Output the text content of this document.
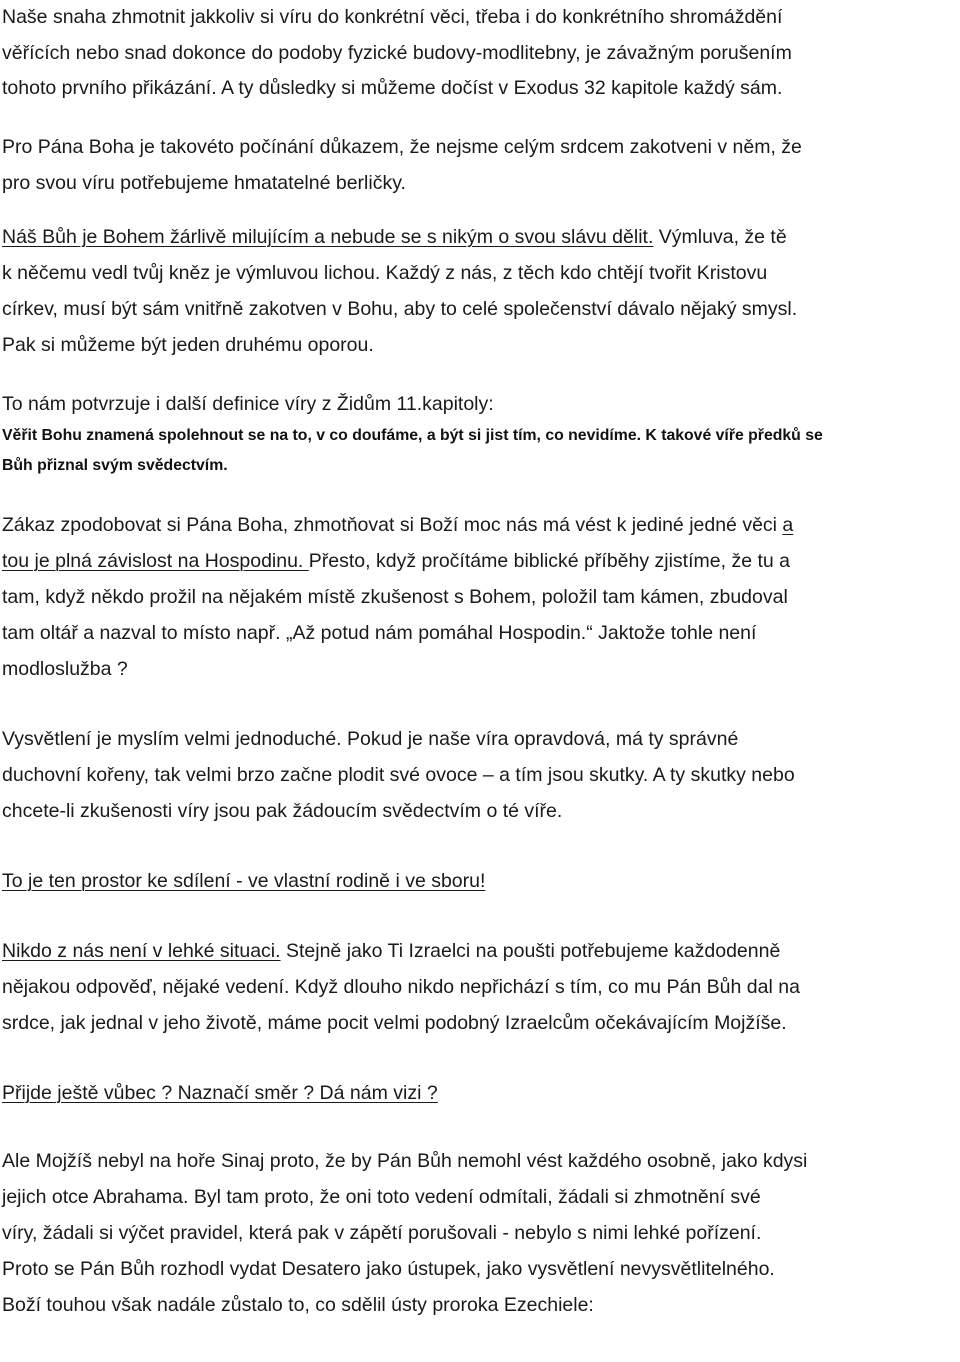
Naše snaha zhmotnit jakkoliv si víru do konkrétní věci, třeba i do konkrétního shromáždění
věřících nebo snad dokonce do podoby fyzické budovy-modlitebny, je závažným porušením
tohoto prvního přikázání. A ty důsledky si můžeme dočíst v Exodus 32 kapitole každý sám.

Pro Pána Boha je takovéto počínání důkazem, že nejsme celým srdcem zakotveni v něm, že
pro svou víru potřebujeme hmatatelné berličky.

Náš Bůh je Bohem žárlivě milujícím a nebude se s nikým o svou slávu dělit. Výmluva, že tě
k něčemu vedl tvůj kněz je výmluvou lichou. Každý z nás, z těch kdo chtějí tvořit Kristovu
církev, musí být sám vnitřně zakotven v Bohu, aby to celé společenství dávalo nějaký smysl.
Pak si můžeme být jeden druhému oporou.

To nám potvrzuje i další definice víry z Židům 11.kapitoly:

Věřit Bohu znamená spolehnout se na to, v co doufáme, a být si jist tím, co nevidíme. K takové víře předků se
Bůh přiznal svým svědectvím.

Zákaz zpodobovat si Pána Boha, zhmotňovat si Boží moc nás má vést k jediné jedné věci a
tou je plná závislost na Hospodinu. Přesto, když pročítáme biblické příběhy zjistíme, že tu a
tam, když někdo prožil na nějakém místě zkušenost s Bohem, položil tam kámen, zbudoval
tam oltář a nazval to místo např. „Až potud nám pomáhal Hospodin.“ Jaktože tohle není
modloslužba ?

Vysvětlení je myslím velmi jednoduché. Pokud je naše víra opravdová, má ty správné
duchovní kořeny, tak velmi brzo začne plodit své ovoce – a tím jsou skutky. A ty skutky nebo
chcete-li zkušenosti víry jsou pak žádoucím svědectvím o té víře.

To je ten prostor ke sdílení - ve vlastní rodině i ve sboru!

Nikdo z nás není v lehké situaci. Stejně jako Ti Izraelci na poušti potřebujeme každodenně
nějakou odpověď, nějaké vedení. Když dlouho nikdo nepřichází s tím, co mu Pán Bůh dal na
srdce, jak jednal v jeho životě, máme pocit velmi podobný Izraelcům očekávajícím Mojžíše.

Přijde ještě vůbec ? Naznačí směr ? Dá nám vizi ?

Ale Mojžíš nebyl na hoře Sinaj proto, že by Pán Bůh nemohl vést každého osobně, jako kdysi
jejich otce Abrahama. Byl tam proto, že oni toto vedení odmítali, žádali si zhmotnění své
víry, žádali si výčet pravidel, která pak v zápětí porušovali - nebylo s nimi lehké pořízení.
Proto se Pán Bůh rozhodl vydat Desatero jako ústupek, jako vysvětlení nevysvětlitelného.
Boží touhou však nadále zůstalo to, co sdělil ústy proroka Ezechiele:
